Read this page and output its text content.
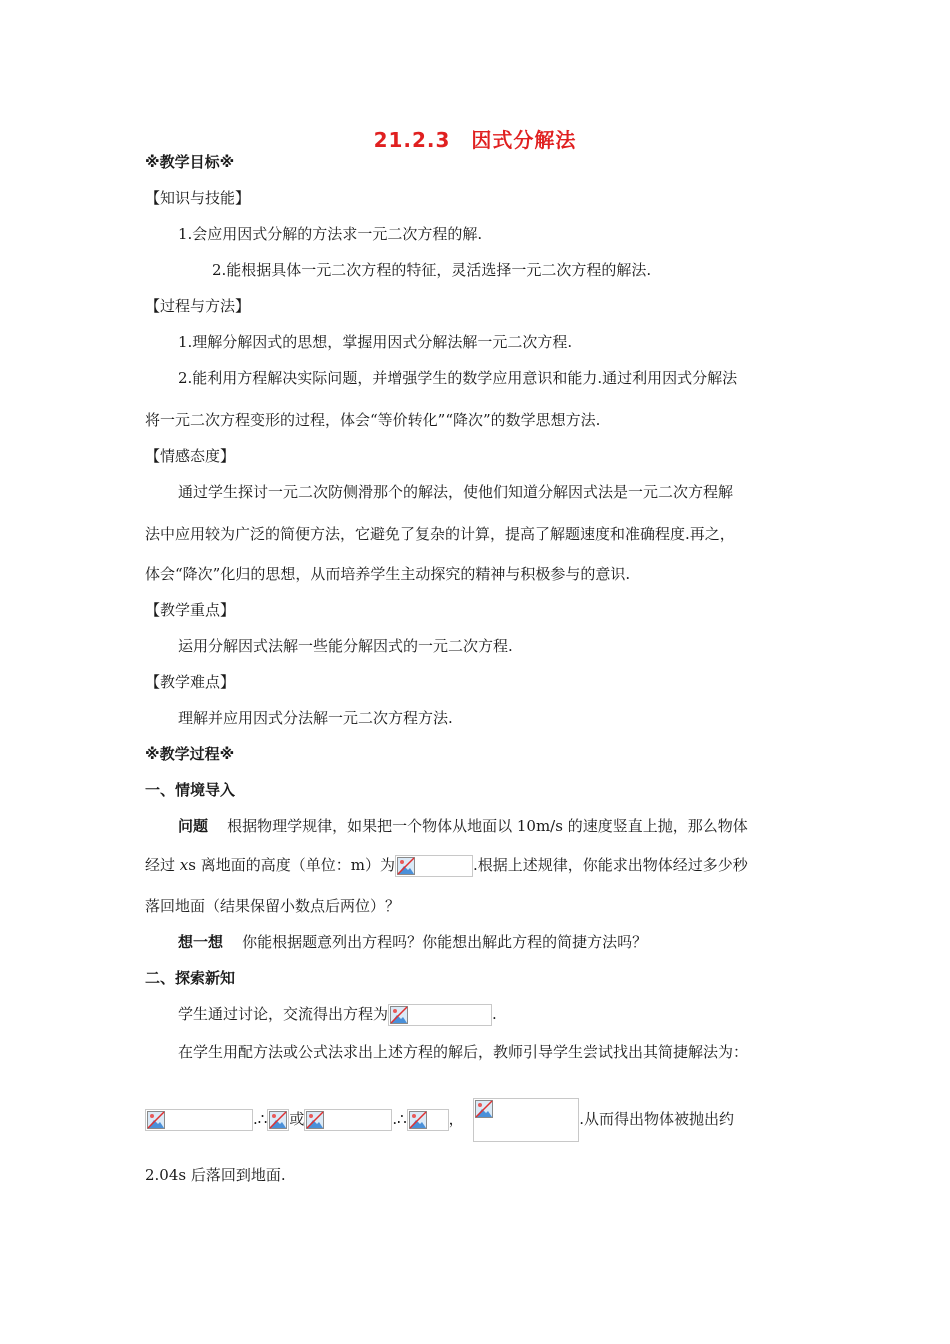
21.2.3　因式分解法
※教学目标※
【知识与技能】
1.会应用因式分解的方法求一元二次方程的解.
2.能根据具体一元二次方程的特征，灵活选择一元二次方程的解法.
【过程与方法】
1.理解分解因式的思想，掌握用因式分解法解一元二次方程.
2.能利用方程解决实际问题，并增强学生的数学应用意识和能力.通过利用因式分解法
将一元二次方程变形的过程，体会“等价转化”“降次”的数学思想方法.
【情感态度】
通过学生探讨一元二次防侧滑那个的解法，使他们知道分解因式法是一元二次方程解
法中应用较为广泛的简便方法，它避免了复杂的计算，提高了解题速度和准确程度.再之，
体会“降次”化归的思想，从而培养学生主动探究的精神与积极参与的意识.
【教学重点】
运用分解因式法解一些能分解因式的一元二次方程.
【教学难点】
理解并应用因式分法解一元二次方程方法.
※教学过程※
一、情境导入
问题 根据物理学规律，如果把一个物体从地面以 10m/s 的速度竖直上抛，那么物体
经过 xs 离地面的高度（单位：m）为	.根据上述规律，你能求出物体经过多少秒
落回地面（结果保留小数点后两位）？
想一想 你能根据题意列出方程吗？你能想出解此方程的简捷方法吗？
二、探索新知
学生通过讨论，交流得出方程为	.
在学生用配方法或公式法求出上述方程的解后，教师引导学生尝试找出其简捷解法为：
.∴ 或	.∴	，	.从而得出物体被抛出约
2.04s 后落回到地面.
